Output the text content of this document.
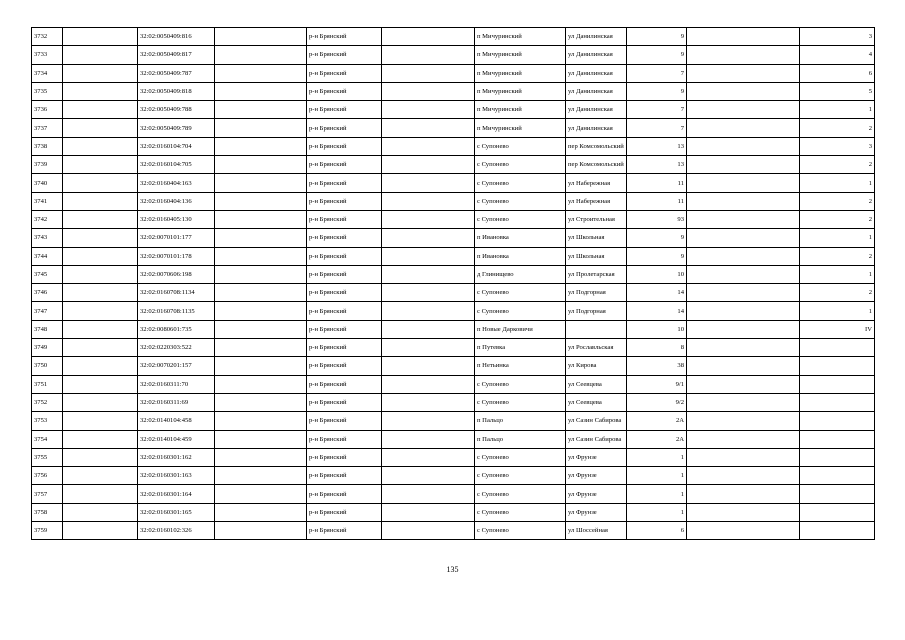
3732		32:02:0050409:816		р-н Брянский		п Мичуринский	ул Данилинская	9		3
3733		32:02:0050409:817		р-н Брянский		п Мичуринский	ул Данилинская	9		4
3734		32:02:0050409:787		р-н Брянский		п Мичуринский	ул Данилинская	7		6
3735		32:02:0050409:818		р-н Брянский		п Мичуринский	ул Данилинская	9		5
3736		32:02:0050409:788		р-н Брянский		п Мичуринский	ул Данилинская	7		1
3737		32:02:0050409:789		р-н Брянский		п Мичуринский	ул Данилинская	7		2
3738		32:02:0160104:704		р-н Брянский		с Супонево	пер Комсомольский	13		3
3739		32:02:0160104:705		р-н Брянский		с Супонево	пер Комсомольский	13		2
3740		32:02:0160404:163		р-н Брянский		с Супонево	ул Набережная	11		1
3741		32:02:0160404:136		р-н Брянский		с Супонево	ул Набережная	11		2
3742		32:02:0160405:130		р-н Брянский		с Супонево	ул Строительная	93		2
3743		32:02:0070101:177		р-н Брянский		п Ивановка	ул Школьная	9		1
3744		32:02:0070101:178		р-н Брянский		п Ивановка	ул Школьная	9		2
3745		32:02:0070606:198		р-н Брянский		д Глинищево	ул Пролетарская	10		1
3746		32:02:0160708:1134		р-н Брянский		с Супонево	ул Подгорная	14		2
3747		32:02:0160708:1135		р-н Брянский		с Супонево	ул Подгорная	14		1
3748		32:02:0080601:735		р-н Брянский		п Новые Дарковичи		10		IV
3749		32:02:0220303:522		р-н Брянский		п Путевка	ул Рославльская	8		
3750		32:02:0070201:157		р-н Брянский		п Нетьинка	ул Кирова	38		
3751		32:02:0160311:70		р-н Брянский		с Супонево	ул Сеевцева	9/1		
3752		32:02:0160311:69		р-н Брянский		с Супонево	ул Сеевцева	9/2		
3753		32:02:0140104:458		р-н Брянский		п Пальцо	ул Сазин Сабирова	2А		
3754		32:02:0140104:459		р-н Брянский		п Пальцо	ул Сазин Сабирова	2А		
3755		32:02:0160301:162		р-н Брянский		с Супонево	ул Фрунзе	1		
3756		32:02:0160301:163		р-н Брянский		с Супонево	ул Фрунзе	1		
3757		32:02:0160301:164		р-н Брянский		с Супонево	ул Фрунзе	1		
3758		32:02:0160301:165		р-н Брянский		с Супонево	ул Фрунзе	1		
3759		32:02:0160102:326		р-н Брянский		с Супонево	ул Шоссейная	6		
135
